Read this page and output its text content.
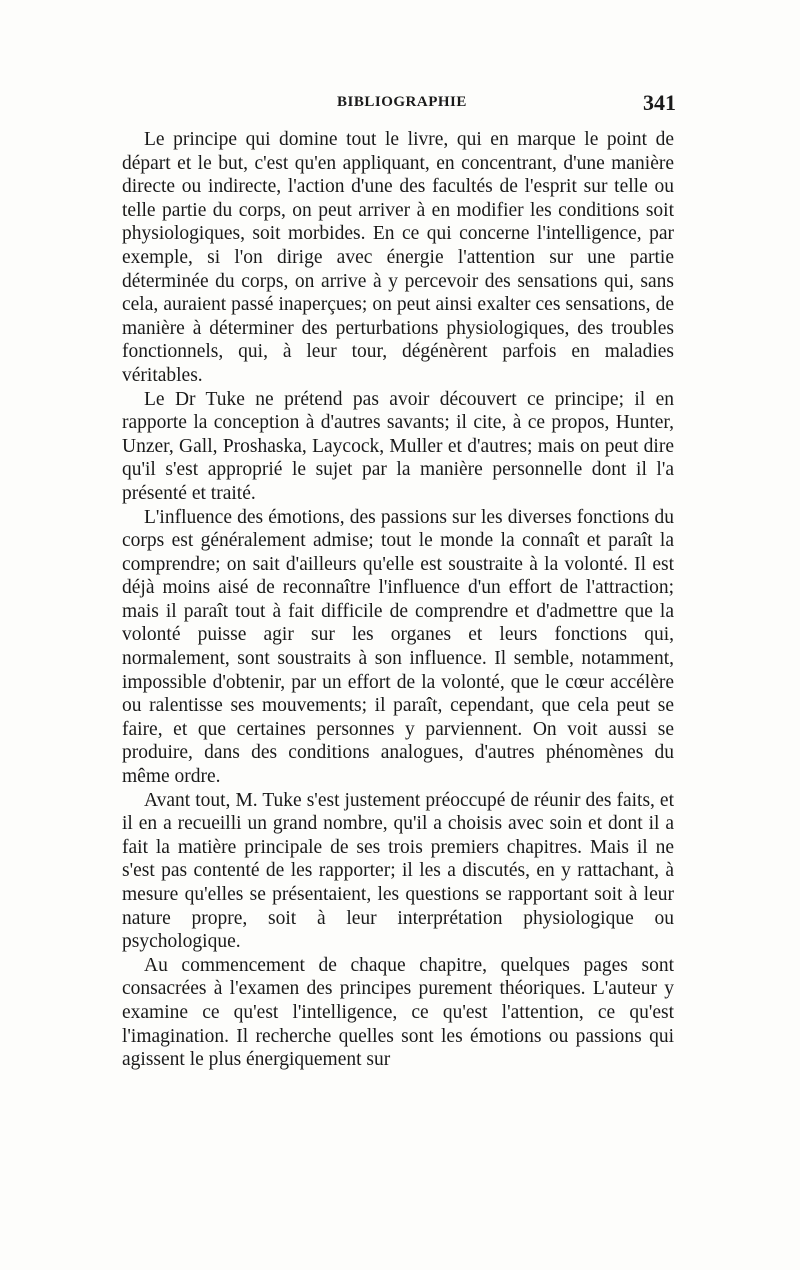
BIBLIOGRAPHIE	341

Le principe qui domine tout le livre, qui en marque le point de départ et le but, c'est qu'en appliquant, en concentrant, d'une manière directe ou indirecte, l'action d'une des facultés de l'esprit sur telle ou telle partie du corps, on peut arriver à en modifier les conditions soit physiologiques, soit morbides. En ce qui concerne l'intelligence, par exemple, si l'on dirige avec énergie l'attention sur une partie déterminée du corps, on arrive à y percevoir des sensations qui, sans cela, auraient passé inaperçues; on peut ainsi exalter ces sensations, de manière à déterminer des perturbations physiologiques, des troubles fonctionnels, qui, à leur tour, dégénèrent parfois en maladies véritables.

Le Dr Tuke ne prétend pas avoir découvert ce principe; il en rapporte la conception à d'autres savants; il cite, à ce propos, Hunter, Unzer, Gall, Proshaska, Laycock, Muller et d'autres; mais on peut dire qu'il s'est approprié le sujet par la manière personnelle dont il l'a présenté et traité.

L'influence des émotions, des passions sur les diverses fonctions du corps est généralement admise; tout le monde la connaît et paraît la comprendre; on sait d'ailleurs qu'elle est soustraite à la volonté. Il est déjà moins aisé de reconnaître l'influence d'un effort de l'attraction; mais il paraît tout à fait difficile de comprendre et d'admettre que la volonté puisse agir sur les organes et leurs fonctions qui, normalement, sont soustraits à son influence. Il semble, notamment, impossible d'obtenir, par un effort de la volonté, que le cœur accélère ou ralentisse ses mouvements; il paraît, cependant, que cela peut se faire, et que certaines personnes y parviennent. On voit aussi se produire, dans des conditions analogues, d'autres phénomènes du même ordre.

Avant tout, M. Tuke s'est justement préoccupé de réunir des faits, et il en a recueilli un grand nombre, qu'il a choisis avec soin et dont il a fait la matière principale de ses trois premiers chapitres. Mais il ne s'est pas contenté de les rapporter; il les a discutés, en y rattachant, à mesure qu'elles se présentaient, les questions se rapportant soit à leur nature propre, soit à leur interprétation physiologique ou psychologique.

Au commencement de chaque chapitre, quelques pages sont consacrées à l'examen des principes purement théoriques. L'auteur y examine ce qu'est l'intelligence, ce qu'est l'attention, ce qu'est l'imagination. Il recherche quelles sont les émotions ou passions qui agissent le plus énergiquement sur
